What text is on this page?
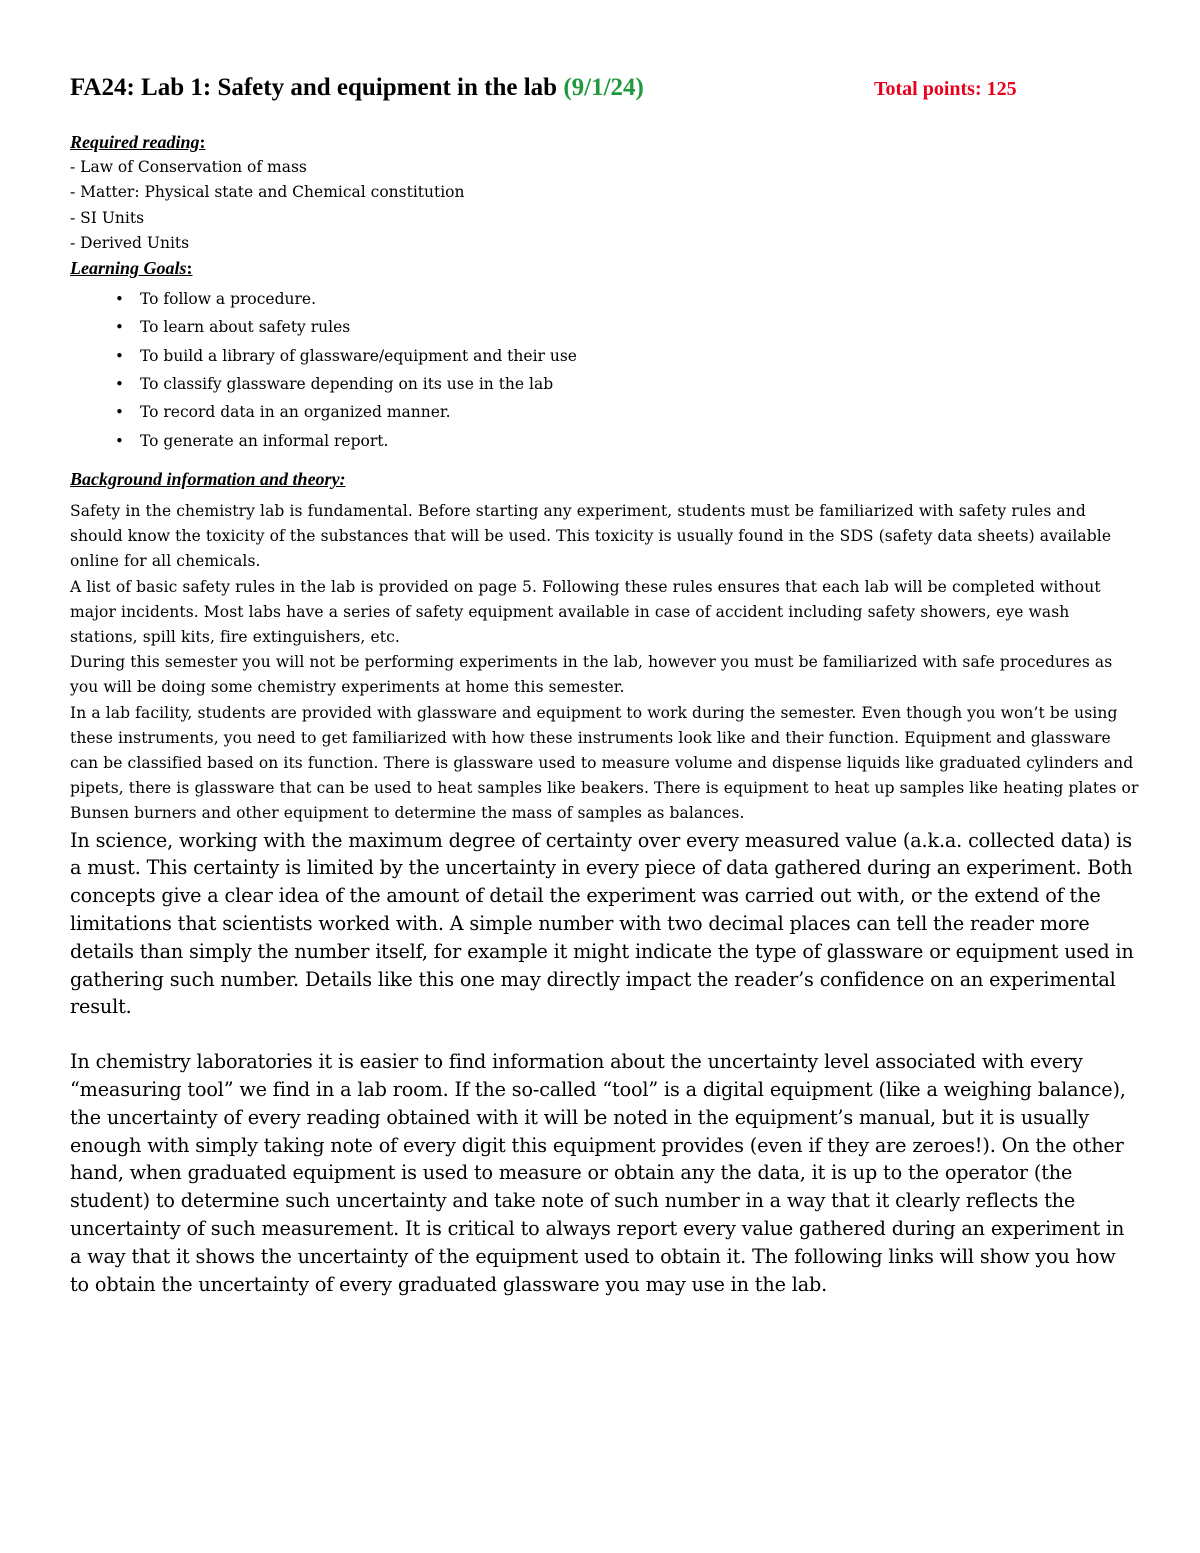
FA24: Lab 1: Safety and equipment in the lab (9/1/24)	Total points: 125
Required reading:
- Law of Conservation of mass
- Matter: Physical state and Chemical constitution
- SI Units
- Derived Units
Learning Goals:
• To follow a procedure.
• To learn about safety rules
• To build a library of glassware/equipment and their use
• To classify glassware depending on its use in the lab
• To record data in an organized manner.
• To generate an informal report.
Background information and theory:

Safety in the chemistry lab is fundamental. Before starting any experiment, students must be familiarized with safety rules and should know the toxicity of the substances that will be used. This toxicity is usually found in the SDS (safety data sheets) available online for all chemicals.

A list of basic safety rules in the lab is provided on page 5. Following these rules ensures that each lab will be completed without major incidents. Most labs have a series of safety equipment available in case of accident including safety showers, eye wash stations, spill kits, fire extinguishers, etc.

During this semester you will not be performing experiments in the lab, however you must be familiarized with safe procedures as you will be doing some chemistry experiments at home this semester.

In a lab facility, students are provided with glassware and equipment to work during the semester. Even though you won’t be using these instruments, you need to get familiarized with how these instruments look like and their function. Equipment and glassware can be classified based on its function. There is glassware used to measure volume and dispense liquids like graduated cylinders and pipets, there is glassware that can be used to heat samples like beakers. There is equipment to heat up samples like heating plates or Bunsen burners and other equipment to determine the mass of samples as balances.

In science, working with the maximum degree of certainty over every measured value (a.k.a. collected data) is a must. This certainty is limited by the uncertainty in every piece of data gathered during an experiment. Both concepts give a clear idea of the amount of detail the experiment was carried out with, or the extend of the limitations that scientists worked with. A simple number with two decimal places can tell the reader more details than simply the number itself, for example it might indicate the type of glassware or equipment used in gathering such number. Details like this one may directly impact the reader’s confidence on an experimental result.

In chemistry laboratories it is easier to find information about the uncertainty level associated with every “measuring tool” we find in a lab room. If the so-called “tool” is a digital equipment (like a weighing balance), the uncertainty of every reading obtained with it will be noted in the equipment’s manual, but it is usually enough with simply taking note of every digit this equipment provides (even if they are zeroes!). On the other hand, when graduated equipment is used to measure or obtain any the data, it is up to the operator (the student) to determine such uncertainty and take note of such number in a way that it clearly reflects the uncertainty of such measurement. It is critical to always report every value gathered during an experiment in a way that it shows the uncertainty of the equipment used to obtain it. The following links will show you how to obtain the uncertainty of every graduated glassware you may use in the lab.
